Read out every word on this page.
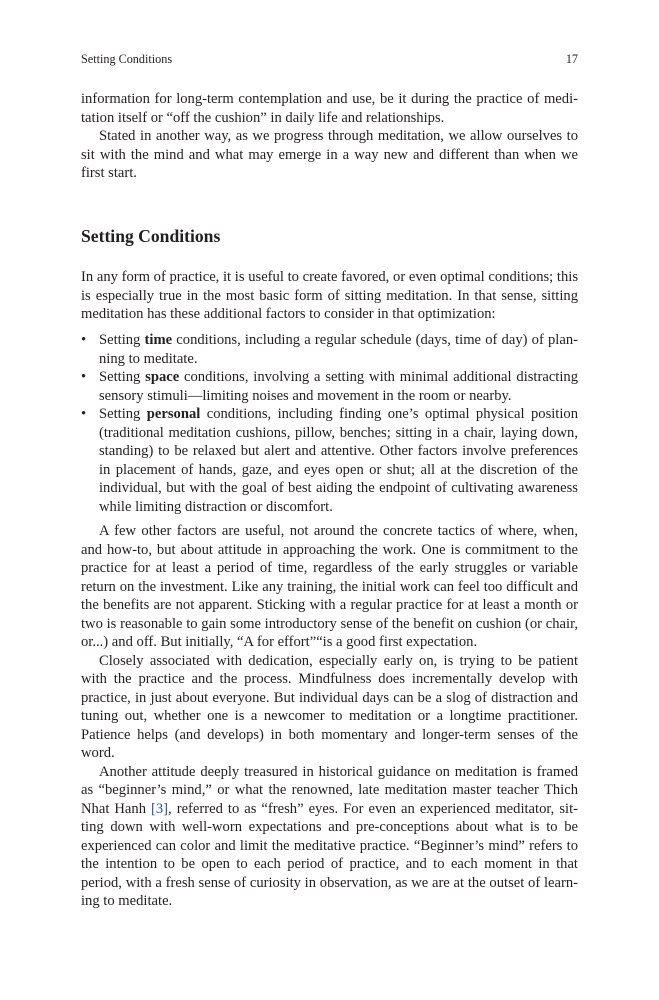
Setting Conditions	17

information for long-term contemplation and use, be it during the practice of meditation itself or “off the cushion” in daily life and relationships.

Stated in another way, as we progress through meditation, we allow ourselves to sit with the mind and what may emerge in a way new and different than when we first start.

Setting Conditions

In any form of practice, it is useful to create favored, or even optimal conditions; this is especially true in the most basic form of sitting meditation. In that sense, sitting meditation has these additional factors to consider in that optimization:

• Setting time conditions, including a regular schedule (days, time of day) of planning to meditate.
• Setting space conditions, involving a setting with minimal additional distracting sensory stimuli—limiting noises and movement in the room or nearby.
• Setting personal conditions, including finding one’s optimal physical position (traditional meditation cushions, pillow, benches; sitting in a chair, laying down, standing) to be relaxed but alert and attentive. Other factors involve preferences in placement of hands, gaze, and eyes open or shut; all at the discretion of the individual, but with the goal of best aiding the endpoint of cultivating awareness while limiting distraction or discomfort.

A few other factors are useful, not around the concrete tactics of where, when, and how-to, but about attitude in approaching the work. One is commitment to the practice for at least a period of time, regardless of the early struggles or variable return on the investment. Like any training, the initial work can feel too difficult and the benefits are not apparent. Sticking with a regular practice for at least a month or two is reasonable to gain some introductory sense of the benefit on cushion (or chair, or...) and off. But initially, “A for effort”“is a good first expectation.

Closely associated with dedication, especially early on, is trying to be patient with the practice and the process. Mindfulness does incrementally develop with practice, in just about everyone. But individual days can be a slog of distraction and tuning out, whether one is a newcomer to meditation or a longtime practitioner. Patience helps (and develops) in both momentary and longer-term senses of the word.

Another attitude deeply treasured in historical guidance on meditation is framed as “beginner’s mind,” or what the renowned, late meditation master teacher Thich Nhat Hanh [3], referred to as “fresh” eyes. For even an experienced meditator, sitting down with well-worn expectations and pre-conceptions about what is to be experienced can color and limit the meditative practice. “Beginner’s mind” refers to the intention to be open to each period of practice, and to each moment in that period, with a fresh sense of curiosity in observation, as we are at the outset of learning to meditate.
